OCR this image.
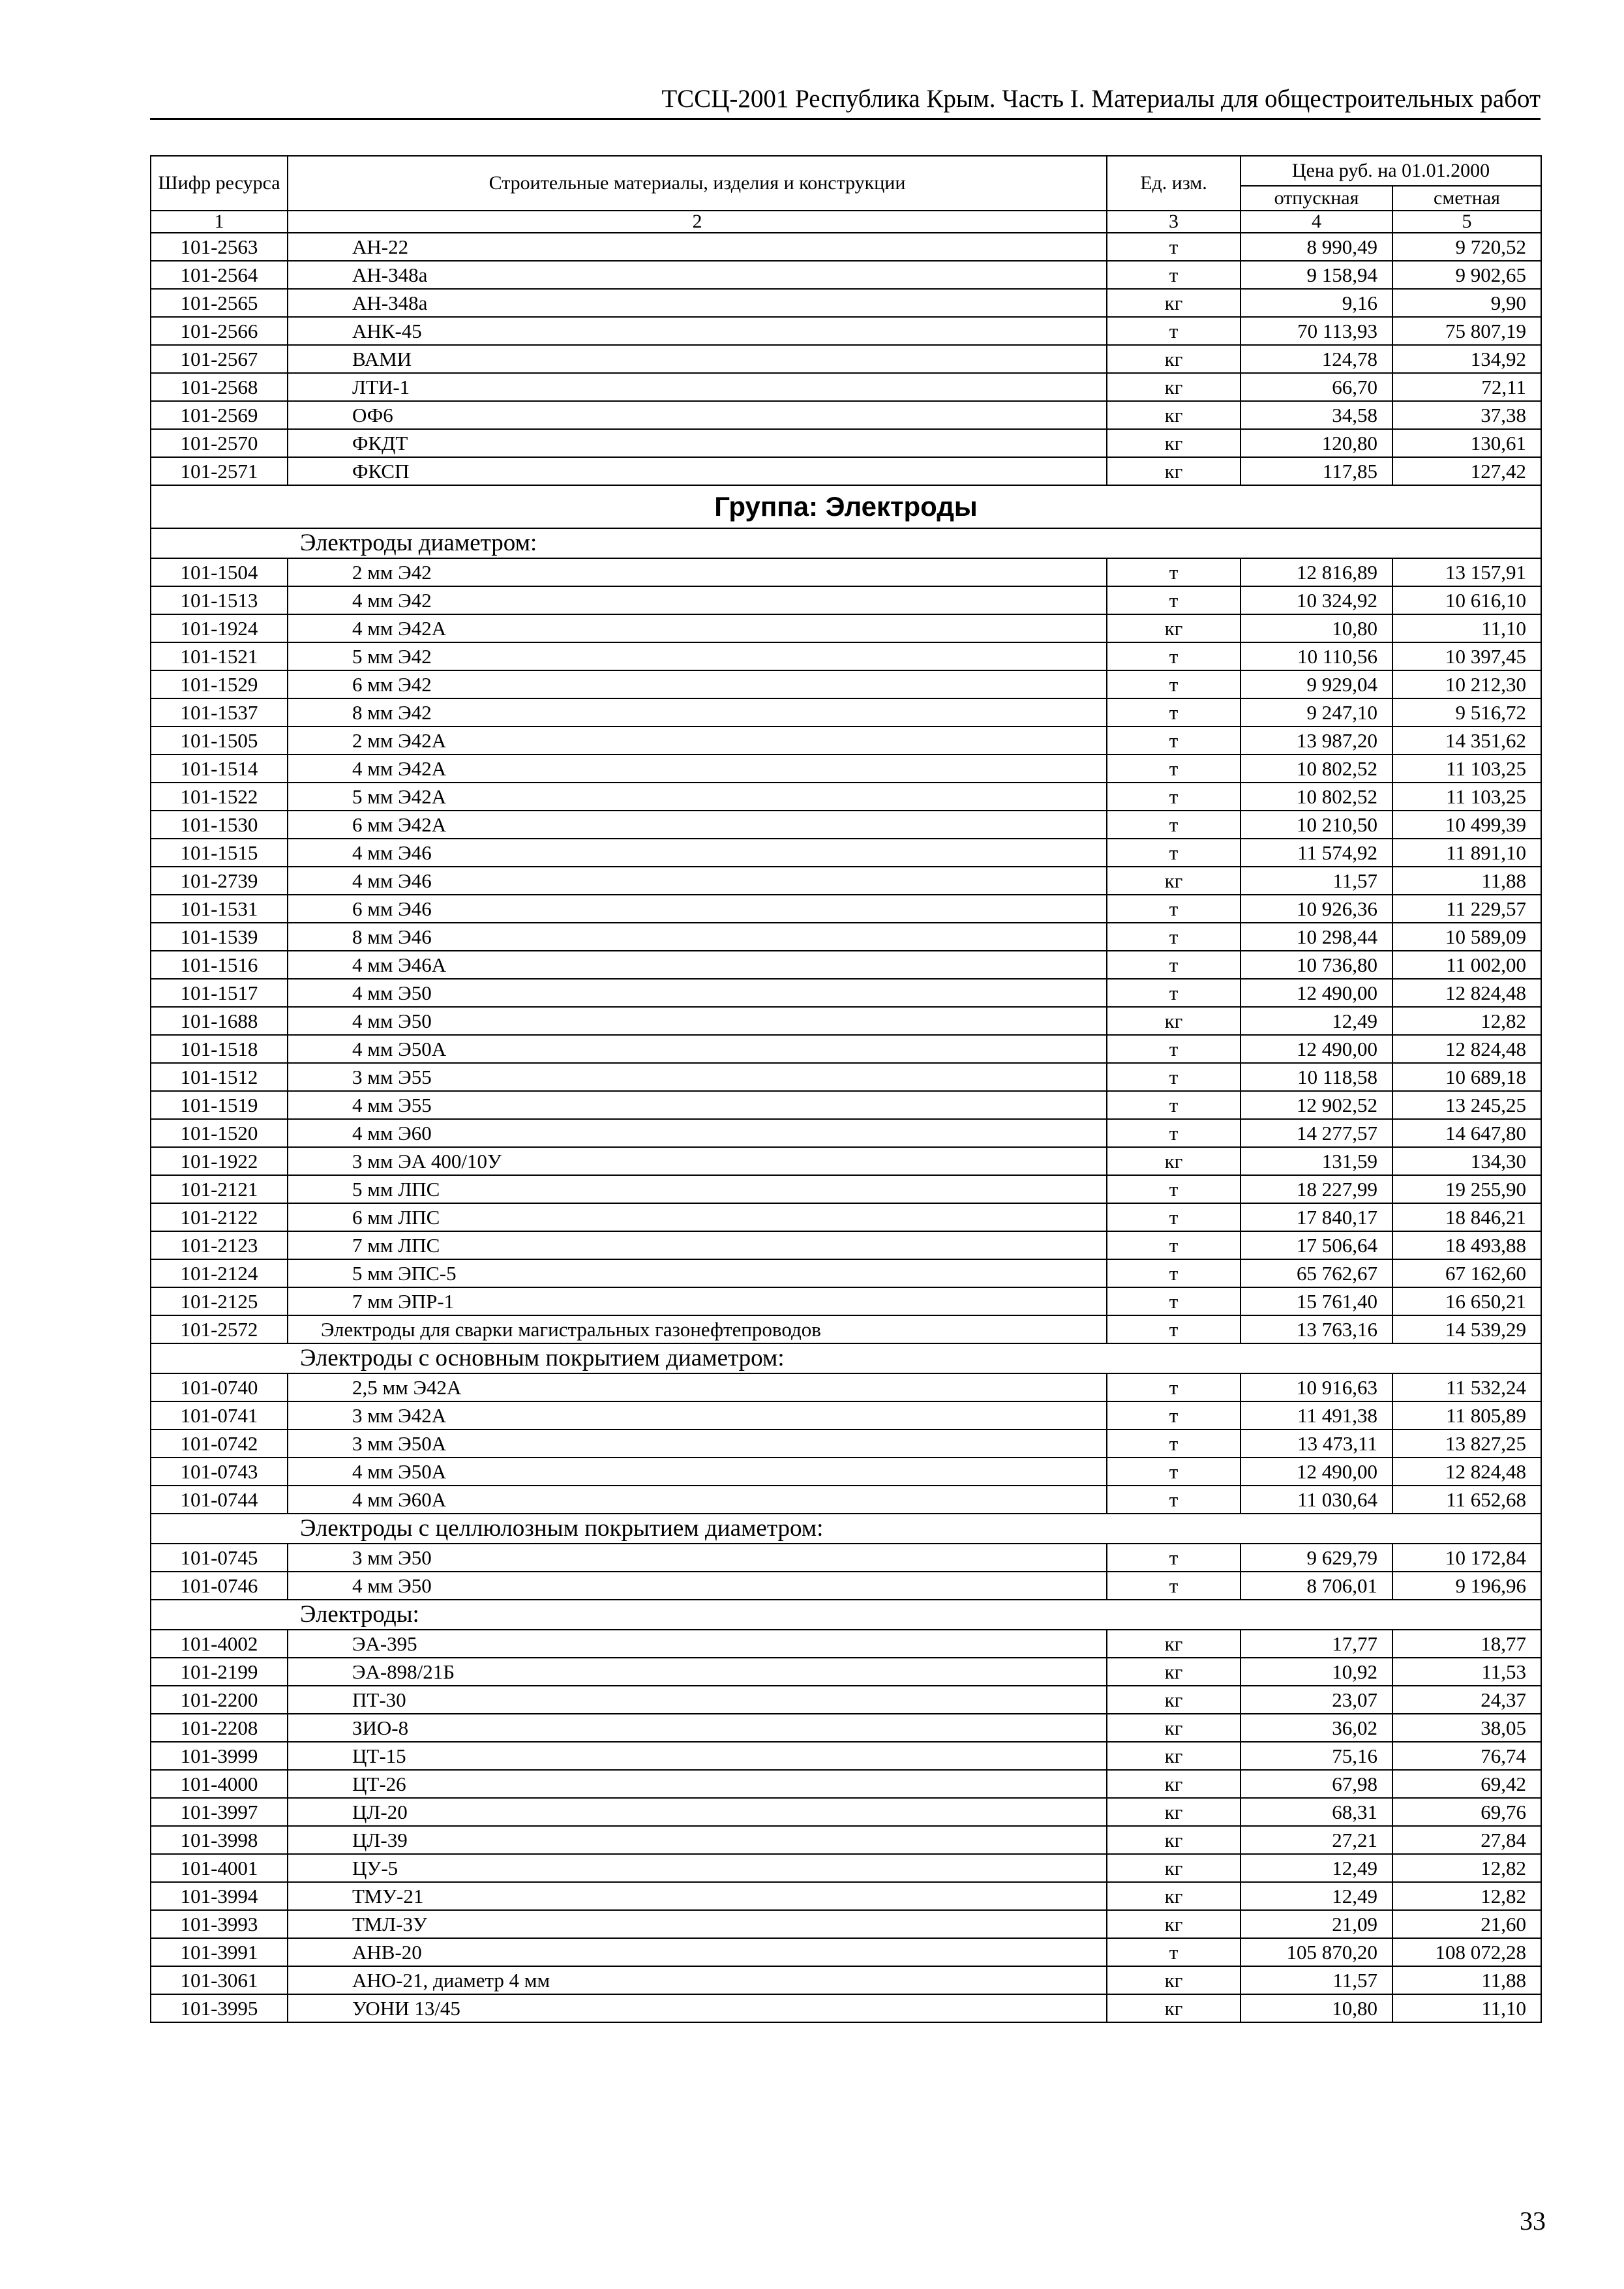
ТССЦ-2001 Республика Крым. Часть I. Материалы для общестроительных работ
Шифр ресурса	Строительные материалы, изделия и конструкции	Ед. изм.	Цена руб. на 01.01.2000	
			отпускная	сметная
1	2	3	4	5
101-2563	АН-22	т	8 990,49	9 720,52
101-2564	АН-348а	т	9 158,94	9 902,65
101-2565	АН-348а	кг	9,16	9,90
101-2566	АНК-45	т	70 113,93	75 807,19
101-2567	ВАМИ	кг	124,78	134,92
101-2568	ЛТИ-1	кг	66,70	72,11
101-2569	ОФ6	кг	34,58	37,38
101-2570	ФКДТ	кг	120,80	130,61
101-2571	ФКСП	кг	117,85	127,42
Группа: Электроды				
Электроды диаметром:				
101-1504	2 мм Э42	т	12 816,89	13 157,91
101-1513	4 мм Э42	т	10 324,92	10 616,10
101-1924	4 мм Э42А	кг	10,80	11,10
101-1521	5 мм Э42	т	10 110,56	10 397,45
101-1529	6 мм Э42	т	9 929,04	10 212,30
101-1537	8 мм Э42	т	9 247,10	9 516,72
101-1505	2 мм Э42А	т	13 987,20	14 351,62
101-1514	4 мм Э42А	т	10 802,52	11 103,25
101-1522	5 мм Э42А	т	10 802,52	11 103,25
101-1530	6 мм Э42А	т	10 210,50	10 499,39
101-1515	4 мм Э46	т	11 574,92	11 891,10
101-2739	4 мм Э46	кг	11,57	11,88
101-1531	6 мм Э46	т	10 926,36	11 229,57
101-1539	8 мм Э46	т	10 298,44	10 589,09
101-1516	4 мм Э46А	т	10 736,80	11 002,00
101-1517	4 мм Э50	т	12 490,00	12 824,48
101-1688	4 мм Э50	кг	12,49	12,82
101-1518	4 мм Э50А	т	12 490,00	12 824,48
101-1512	3 мм Э55	т	10 118,58	10 689,18
101-1519	4 мм Э55	т	12 902,52	13 245,25
101-1520	4 мм Э60	т	14 277,57	14 647,80
101-1922	3 мм ЭА 400/10У	кг	131,59	134,30
101-2121	5 мм ЛПС	т	18 227,99	19 255,90
101-2122	6 мм ЛПС	т	17 840,17	18 846,21
101-2123	7 мм ЛПС	т	17 506,64	18 493,88
101-2124	5 мм ЭПС-5	т	65 762,67	67 162,60
101-2125	7 мм ЭПР-1	т	15 761,40	16 650,21
101-2572	Электроды для сварки магистральных газонефтепроводов	т	13 763,16	14 539,29
Электроды с основным покрытием диаметром:				
101-0740	2,5 мм Э42А	т	10 916,63	11 532,24
101-0741	3 мм Э42А	т	11 491,38	11 805,89
101-0742	3 мм Э50А	т	13 473,11	13 827,25
101-0743	4 мм Э50А	т	12 490,00	12 824,48
101-0744	4 мм Э60А	т	11 030,64	11 652,68
Электроды с целлюлозным покрытием диаметром:				
101-0745	3 мм Э50	т	9 629,79	10 172,84
101-0746	4 мм Э50	т	8 706,01	9 196,96
Электроды:				
101-4002	ЭА-395	кг	17,77	18,77
101-2199	ЭА-898/21Б	кг	10,92	11,53
101-2200	ПТ-30	кг	23,07	24,37
101-2208	ЗИО-8	кг	36,02	38,05
101-3999	ЦТ-15	кг	75,16	76,74
101-4000	ЦТ-26	кг	67,98	69,42
101-3997	ЦЛ-20	кг	68,31	69,76
101-3998	ЦЛ-39	кг	27,21	27,84
101-4001	ЦУ-5	кг	12,49	12,82
101-3994	ТМУ-21	кг	12,49	12,82
101-3993	ТМЛ-3У	кг	21,09	21,60
101-3991	АНВ-20	т	105 870,20	108 072,28
101-3061	АНО-21, диаметр 4 мм	кг	11,57	11,88
101-3995	УОНИ 13/45	кг	10,80	11,10
33
